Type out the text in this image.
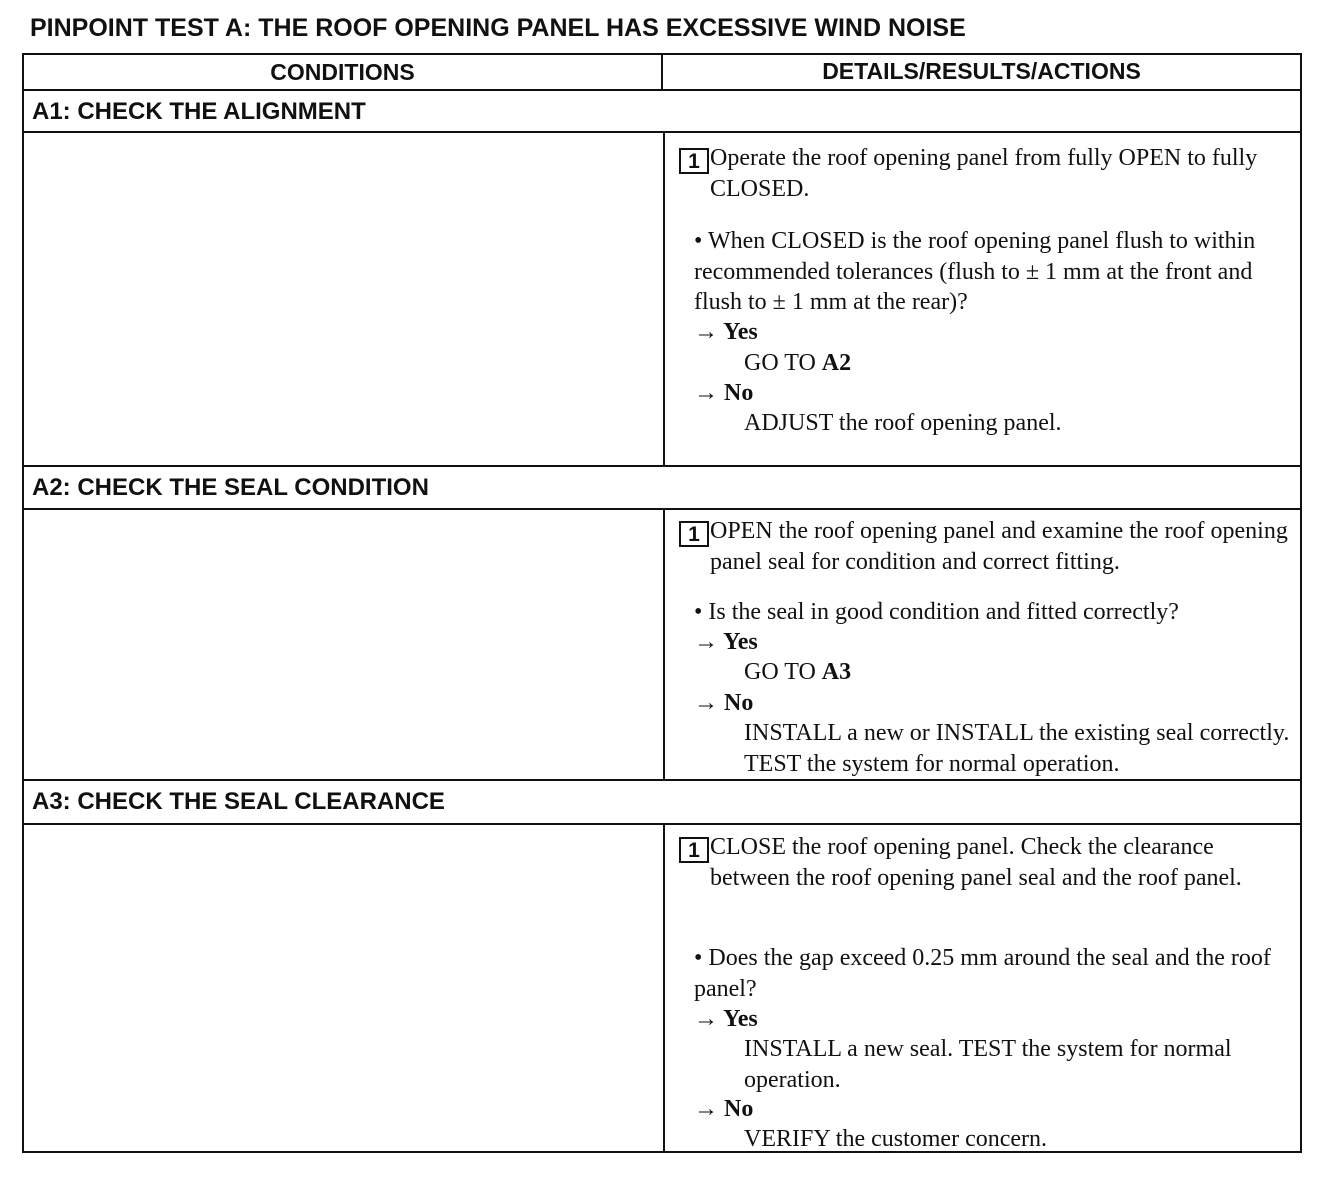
PINPOINT TEST A: THE ROOF OPENING PANEL HAS EXCESSIVE WIND NOISE
CONDITIONS	DETAILS/RESULTS/ACTIONS
A1: CHECK THE ALIGNMENT
1 Operate the roof opening panel from fully OPEN to fully CLOSED.
• When CLOSED is the roof opening panel flush to within recommended tolerances (flush to ± 1 mm at the front and flush to ± 1 mm at the rear)?
→ Yes
GO TO A2
→ No
ADJUST the roof opening panel.
A2: CHECK THE SEAL CONDITION
1 OPEN the roof opening panel and examine the roof opening panel seal for condition and correct fitting.
• Is the seal in good condition and fitted correctly?
→ Yes
GO TO A3
→ No
INSTALL a new or INSTALL the existing seal correctly. TEST the system for normal operation.
A3: CHECK THE SEAL CLEARANCE
1 CLOSE the roof opening panel. Check the clearance between the roof opening panel seal and the roof panel.
• Does the gap exceed 0.25 mm around the seal and the roof panel?
→ Yes
INSTALL a new seal. TEST the system for normal operation.
→ No
VERIFY the customer concern.
